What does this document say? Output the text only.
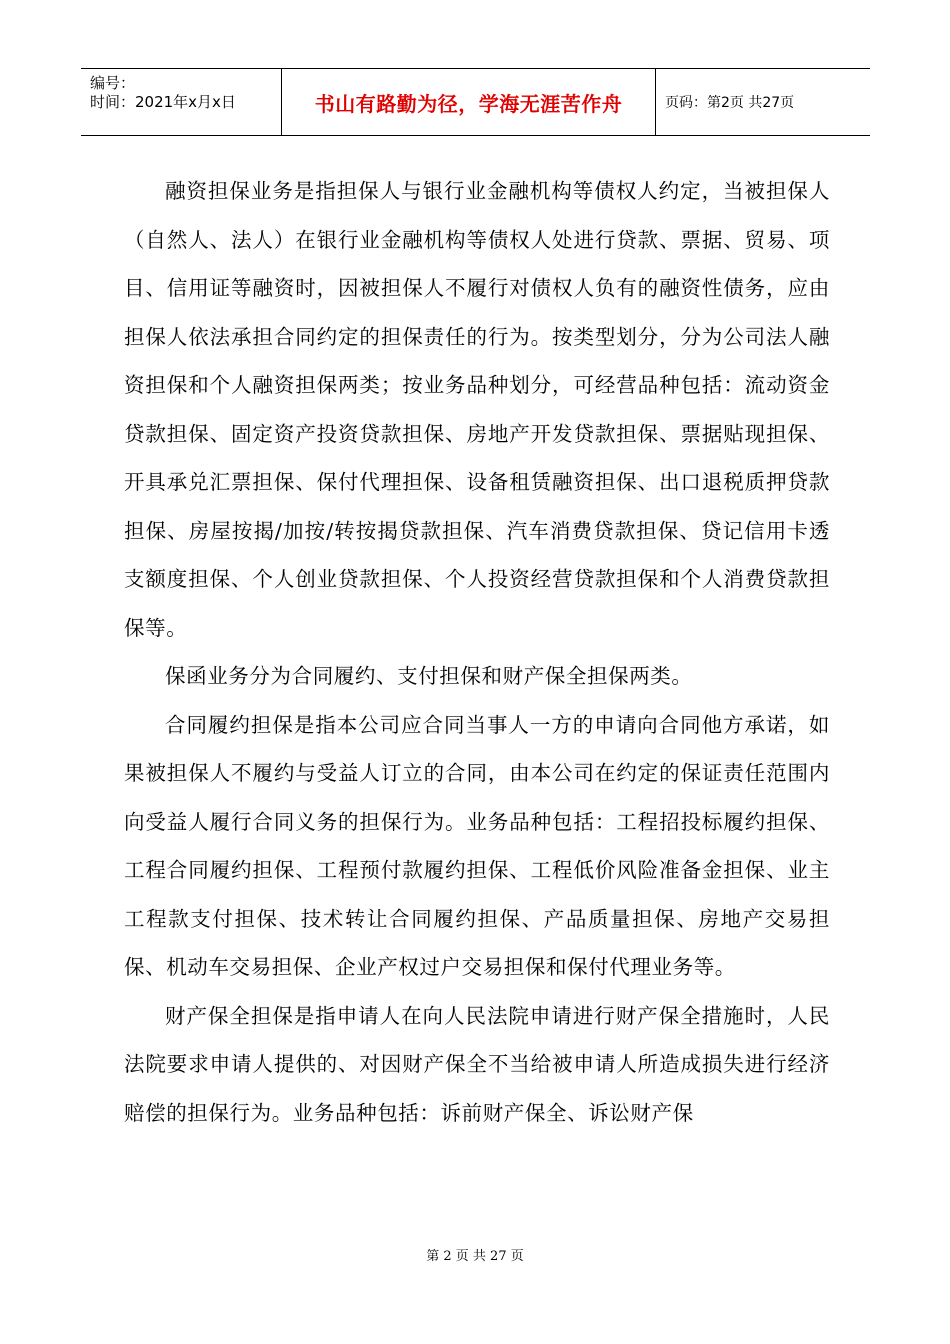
编号：
时间：2021年x月x日	书山有路勤为径，学海无涯苦作舟	页码：第2页 共27页

融资担保业务是指担保人与银行业金融机构等债权人约定，当被担保人（自然人、法人）在银行业金融机构等债权人处进行贷款、票据、贸易、项目、信用证等融资时，因被担保人不履行对债权人负有的融资性债务，应由担保人依法承担合同约定的担保责任的行为。按类型划分，分为公司法人融资担保和个人融资担保两类；按业务品种划分，可经营品种包括：流动资金贷款担保、固定资产投资贷款担保、房地产开发贷款担保、票据贴现担保、开具承兑汇票担保、保付代理担保、设备租赁融资担保、出口退税质押贷款担保、房屋按揭/加按/转按揭贷款担保、汽车消费贷款担保、贷记信用卡透支额度担保、个人创业贷款担保、个人投资经营贷款担保和个人消费贷款担保等。

保函业务分为合同履约、支付担保和财产保全担保两类。

合同履约担保是指本公司应合同当事人一方的申请向合同他方承诺，如果被担保人不履约与受益人订立的合同，由本公司在约定的保证责任范围内向受益人履行合同义务的担保行为。业务品种包括：工程招投标履约担保、工程合同履约担保、工程预付款履约担保、工程低价风险准备金担保、业主工程款支付担保、技术转让合同履约担保、产品质量担保、房地产交易担保、机动车交易担保、企业产权过户交易担保和保付代理业务等。

财产保全担保是指申请人在向人民法院申请进行财产保全措施时，人民法院要求申请人提供的、对因财产保全不当给被申请人所造成损失进行经济赔偿的担保行为。业务品种包括：诉前财产保全、诉讼财产保

第 2 页 共 27 页
